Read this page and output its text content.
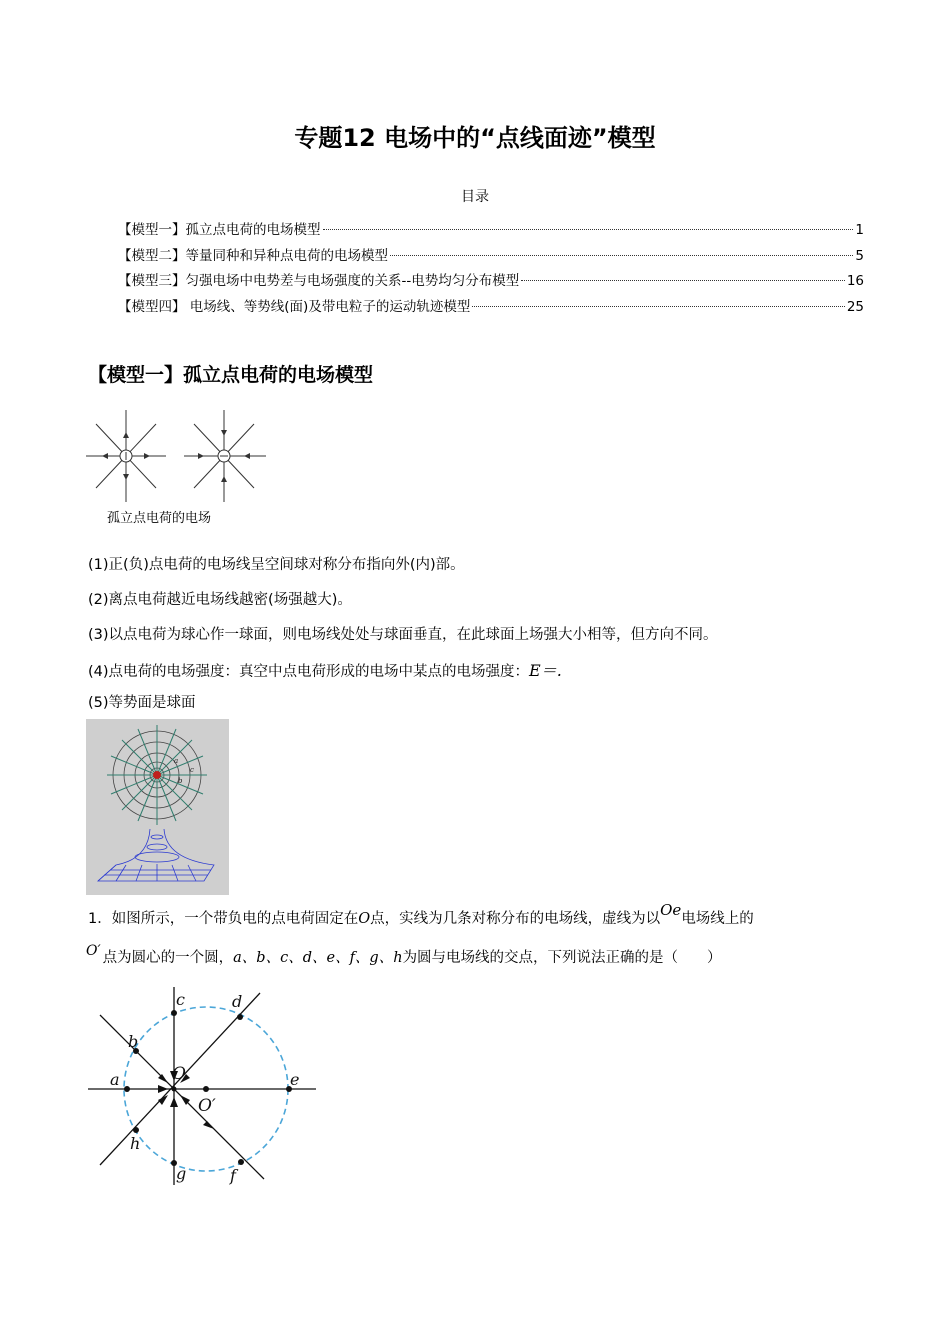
专题12 电场中的“点线面迹”模型
目录
【模型一】孤立点电荷的电场模型	1
【模型二】等量同种和异种点电荷的电场模型	5
【模型三】匀强电场中电势差与电场强度的关系--电势均匀分布模型	16
【模型四】 电场线、等势线(面)及带电粒子的运动轨迹模型	25
【模型一】孤立点电荷的电场模型
孤立点电荷的电场
(1)正(负)点电荷的电场线呈空间球对称分布指向外(内)部。
(2)离点电荷越近电场线越密(场强越大)。
(3)以点电荷为球心作一球面，则电场线处处与球面垂直，在此球面上场强大小相等，但方向不同。
(4)点电荷的电场强度：真空中点电荷形成的电场中某点的电场强度：E＝.
(5)等势面是球面
a
c
b
1．如图所示，一个带负电的点电荷固定在O点，实线为几条对称分布的电场线，虚线为以Oe电场线上的
O′ 点为圆心的一个圆，a、b、c、d、e、f、g、h为圆与电场线的交点，下列说法正确的是（　　）
a
b
c	d
e
f
g
h
O
O′
